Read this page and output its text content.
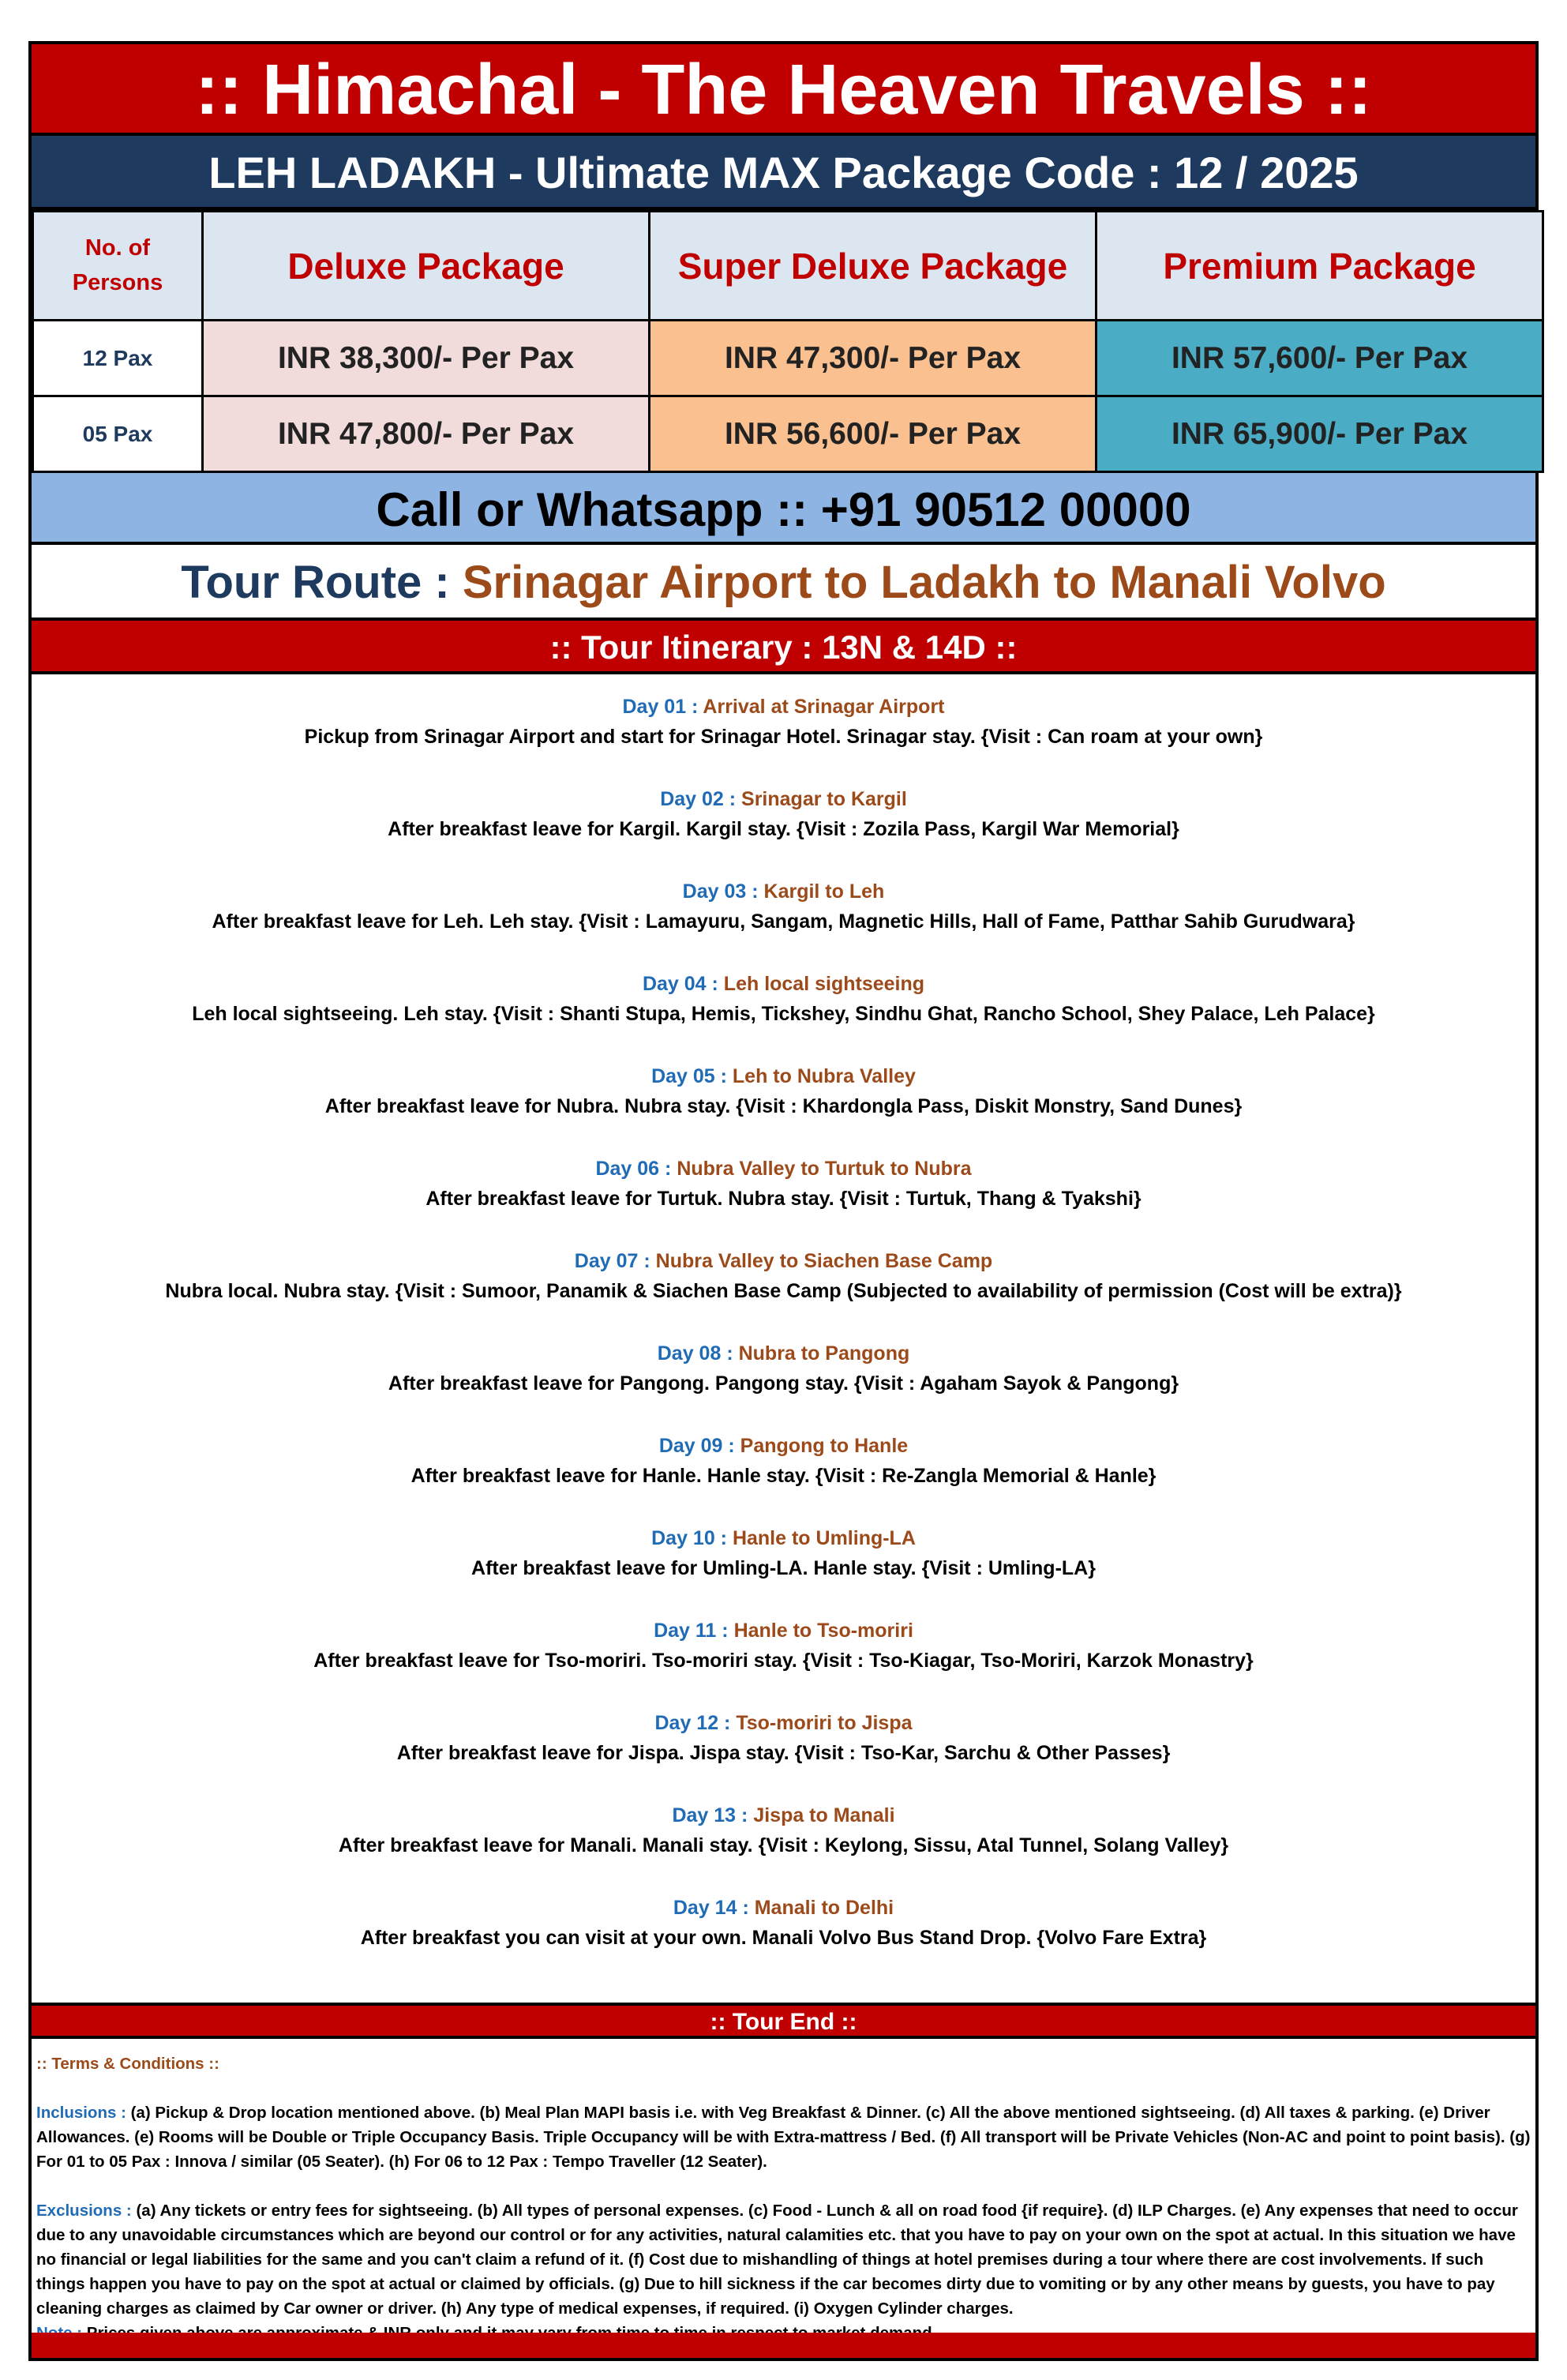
:: Himachal - The Heaven Travels ::
LEH LADAKH - Ultimate MAX Package Code : 12 / 2025
No. of
Persons	Deluxe Package	Super Deluxe Package	Premium Package
12 Pax	INR 38,300/- Per Pax	INR 47,300/- Per Pax	INR 57,600/- Per Pax
05 Pax	INR 47,800/- Per Pax	INR 56,600/- Per Pax	INR 65,900/- Per Pax
Call or Whatsapp :: +91 90512 00000
Tour Route : Srinagar Airport to Ladakh to Manali Volvo
:: Tour Itinerary : 13N & 14D ::
Day 01 : Arrival at Srinagar Airport
Pickup from Srinagar Airport and start for Srinagar Hotel. Srinagar stay. {Visit : Can roam at your own}
Day 02 : Srinagar to Kargil
After breakfast leave for Kargil. Kargil stay. {Visit : Zozila Pass, Kargil War Memorial}
Day 03 : Kargil to Leh
After breakfast leave for Leh. Leh stay. {Visit : Lamayuru, Sangam, Magnetic Hills, Hall of Fame, Patthar Sahib Gurudwara}
Day 04 : Leh local sightseeing
Leh local sightseeing. Leh stay. {Visit : Shanti Stupa, Hemis, Tickshey, Sindhu Ghat, Rancho School, Shey Palace, Leh Palace}
Day 05 : Leh to Nubra Valley
After breakfast leave for Nubra. Nubra stay. {Visit : Khardongla Pass, Diskit Monstry, Sand Dunes}
Day 06 : Nubra Valley to Turtuk to Nubra
After breakfast leave for Turtuk. Nubra stay. {Visit : Turtuk, Thang & Tyakshi}
Day 07 : Nubra Valley to Siachen Base Camp
Nubra local. Nubra stay. {Visit : Sumoor, Panamik & Siachen Base Camp (Subjected to availability of permission (Cost will be extra)}
Day 08 : Nubra to Pangong
After breakfast leave for Pangong. Pangong stay. {Visit : Agaham Sayok & Pangong}
Day 09 : Pangong to Hanle
After breakfast leave for Hanle. Hanle stay. {Visit : Re-Zangla Memorial & Hanle}
Day 10 : Hanle to Umling-LA
After breakfast leave for Umling-LA. Hanle stay. {Visit : Umling-LA}
Day 11 : Hanle to Tso-moriri
After breakfast leave for Tso-moriri. Tso-moriri stay. {Visit : Tso-Kiagar, Tso-Moriri, Karzok Monastry}
Day 12 : Tso-moriri to Jispa
After breakfast leave for Jispa. Jispa stay. {Visit : Tso-Kar, Sarchu & Other Passes}
Day 13 : Jispa to Manali
After breakfast leave for Manali. Manali stay. {Visit : Keylong, Sissu, Atal Tunnel, Solang Valley}
Day 14 : Manali to Delhi
After breakfast you can visit at your own. Manali Volvo Bus Stand Drop. {Volvo Fare Extra}
:: Tour End ::

:: Terms & Conditions ::

Inclusions : (a) Pickup & Drop location mentioned above. (b) Meal Plan MAPI basis i.e. with Veg Breakfast & Dinner. (c) All the above mentioned sightseeing. (d) All taxes & parking. (e) Driver Allowances. (e) Rooms will be Double or Triple Occupancy Basis. Triple Occupancy will be with Extra-mattress / Bed. (f) All transport will be Private Vehicles (Non-AC and point to point basis). (g) For 01 to 05 Pax : Innova / similar (05 Seater). (h) For 06 to 12 Pax : Tempo Traveller (12 Seater).

Exclusions : (a) Any tickets or entry fees for sightseeing. (b) All types of personal expenses. (c) Food - Lunch & all on road food {if require}. (d) ILP Charges. (e) Any expenses that need to occur due to any unavoidable circumstances which are beyond our control or for any activities, natural calamities etc. that you have to pay on your own on the spot at actual. In this situation we have no financial or legal liabilities for the same and you can't claim a refund of it. (f) Cost due to mishandling of things at hotel premises during a tour where there are cost involvements. If such things happen you have to pay on the spot at actual or claimed by officials. (g) Due to hill sickness if the car becomes dirty due to vomiting or by any other means by guests, you have to pay cleaning charges as claimed by Car owner or driver. (h) Any type of medical expenses, if required. (i) Oxygen Cylinder charges.
